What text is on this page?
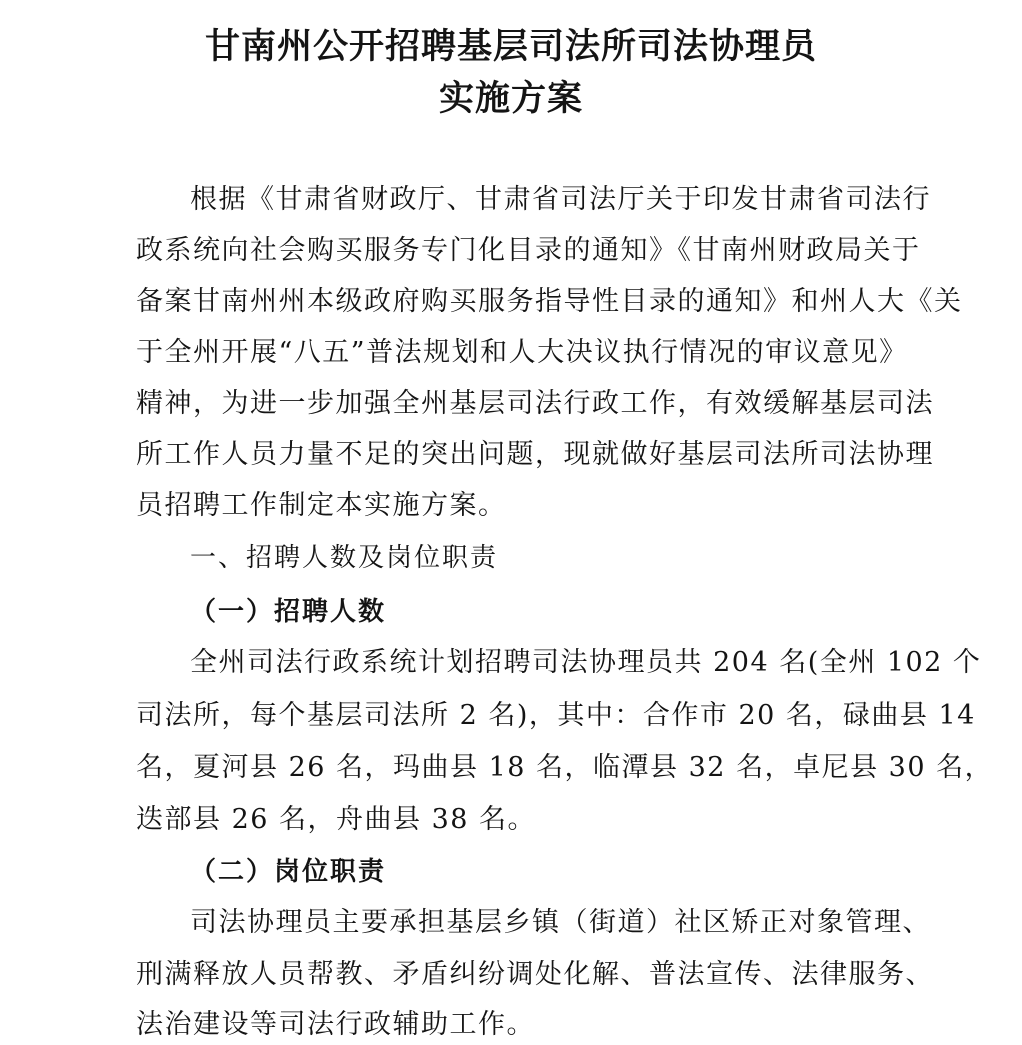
甘南州公开招聘基层司法所司法协理员
实施方案
根据《甘肃省财政厅、甘肃省司法厅关于印发甘肃省司法行
政系统向社会购买服务专门化目录的通知》《甘南州财政局关于
备案甘南州州本级政府购买服务指导性目录的通知》和州人大《关
于全州开展“八五”普法规划和人大决议执行情况的审议意见》
精神，为进一步加强全州基层司法行政工作，有效缓解基层司法
所工作人员力量不足的突出问题，现就做好基层司法所司法协理
员招聘工作制定本实施方案。
一、招聘人数及岗位职责
（一）招聘人数
全州司法行政系统计划招聘司法协理员共 204 名(全州 102 个
司法所，每个基层司法所 2 名)，其中：合作市 20 名，碌曲县 14
名，夏河县 26 名，玛曲县 18 名，临潭县 32 名，卓尼县 30 名，
迭部县 26 名，舟曲县 38 名。
（二）岗位职责
司法协理员主要承担基层乡镇（街道）社区矫正对象管理、
刑满释放人员帮教、矛盾纠纷调处化解、普法宣传、法律服务、
法治建设等司法行政辅助工作。
